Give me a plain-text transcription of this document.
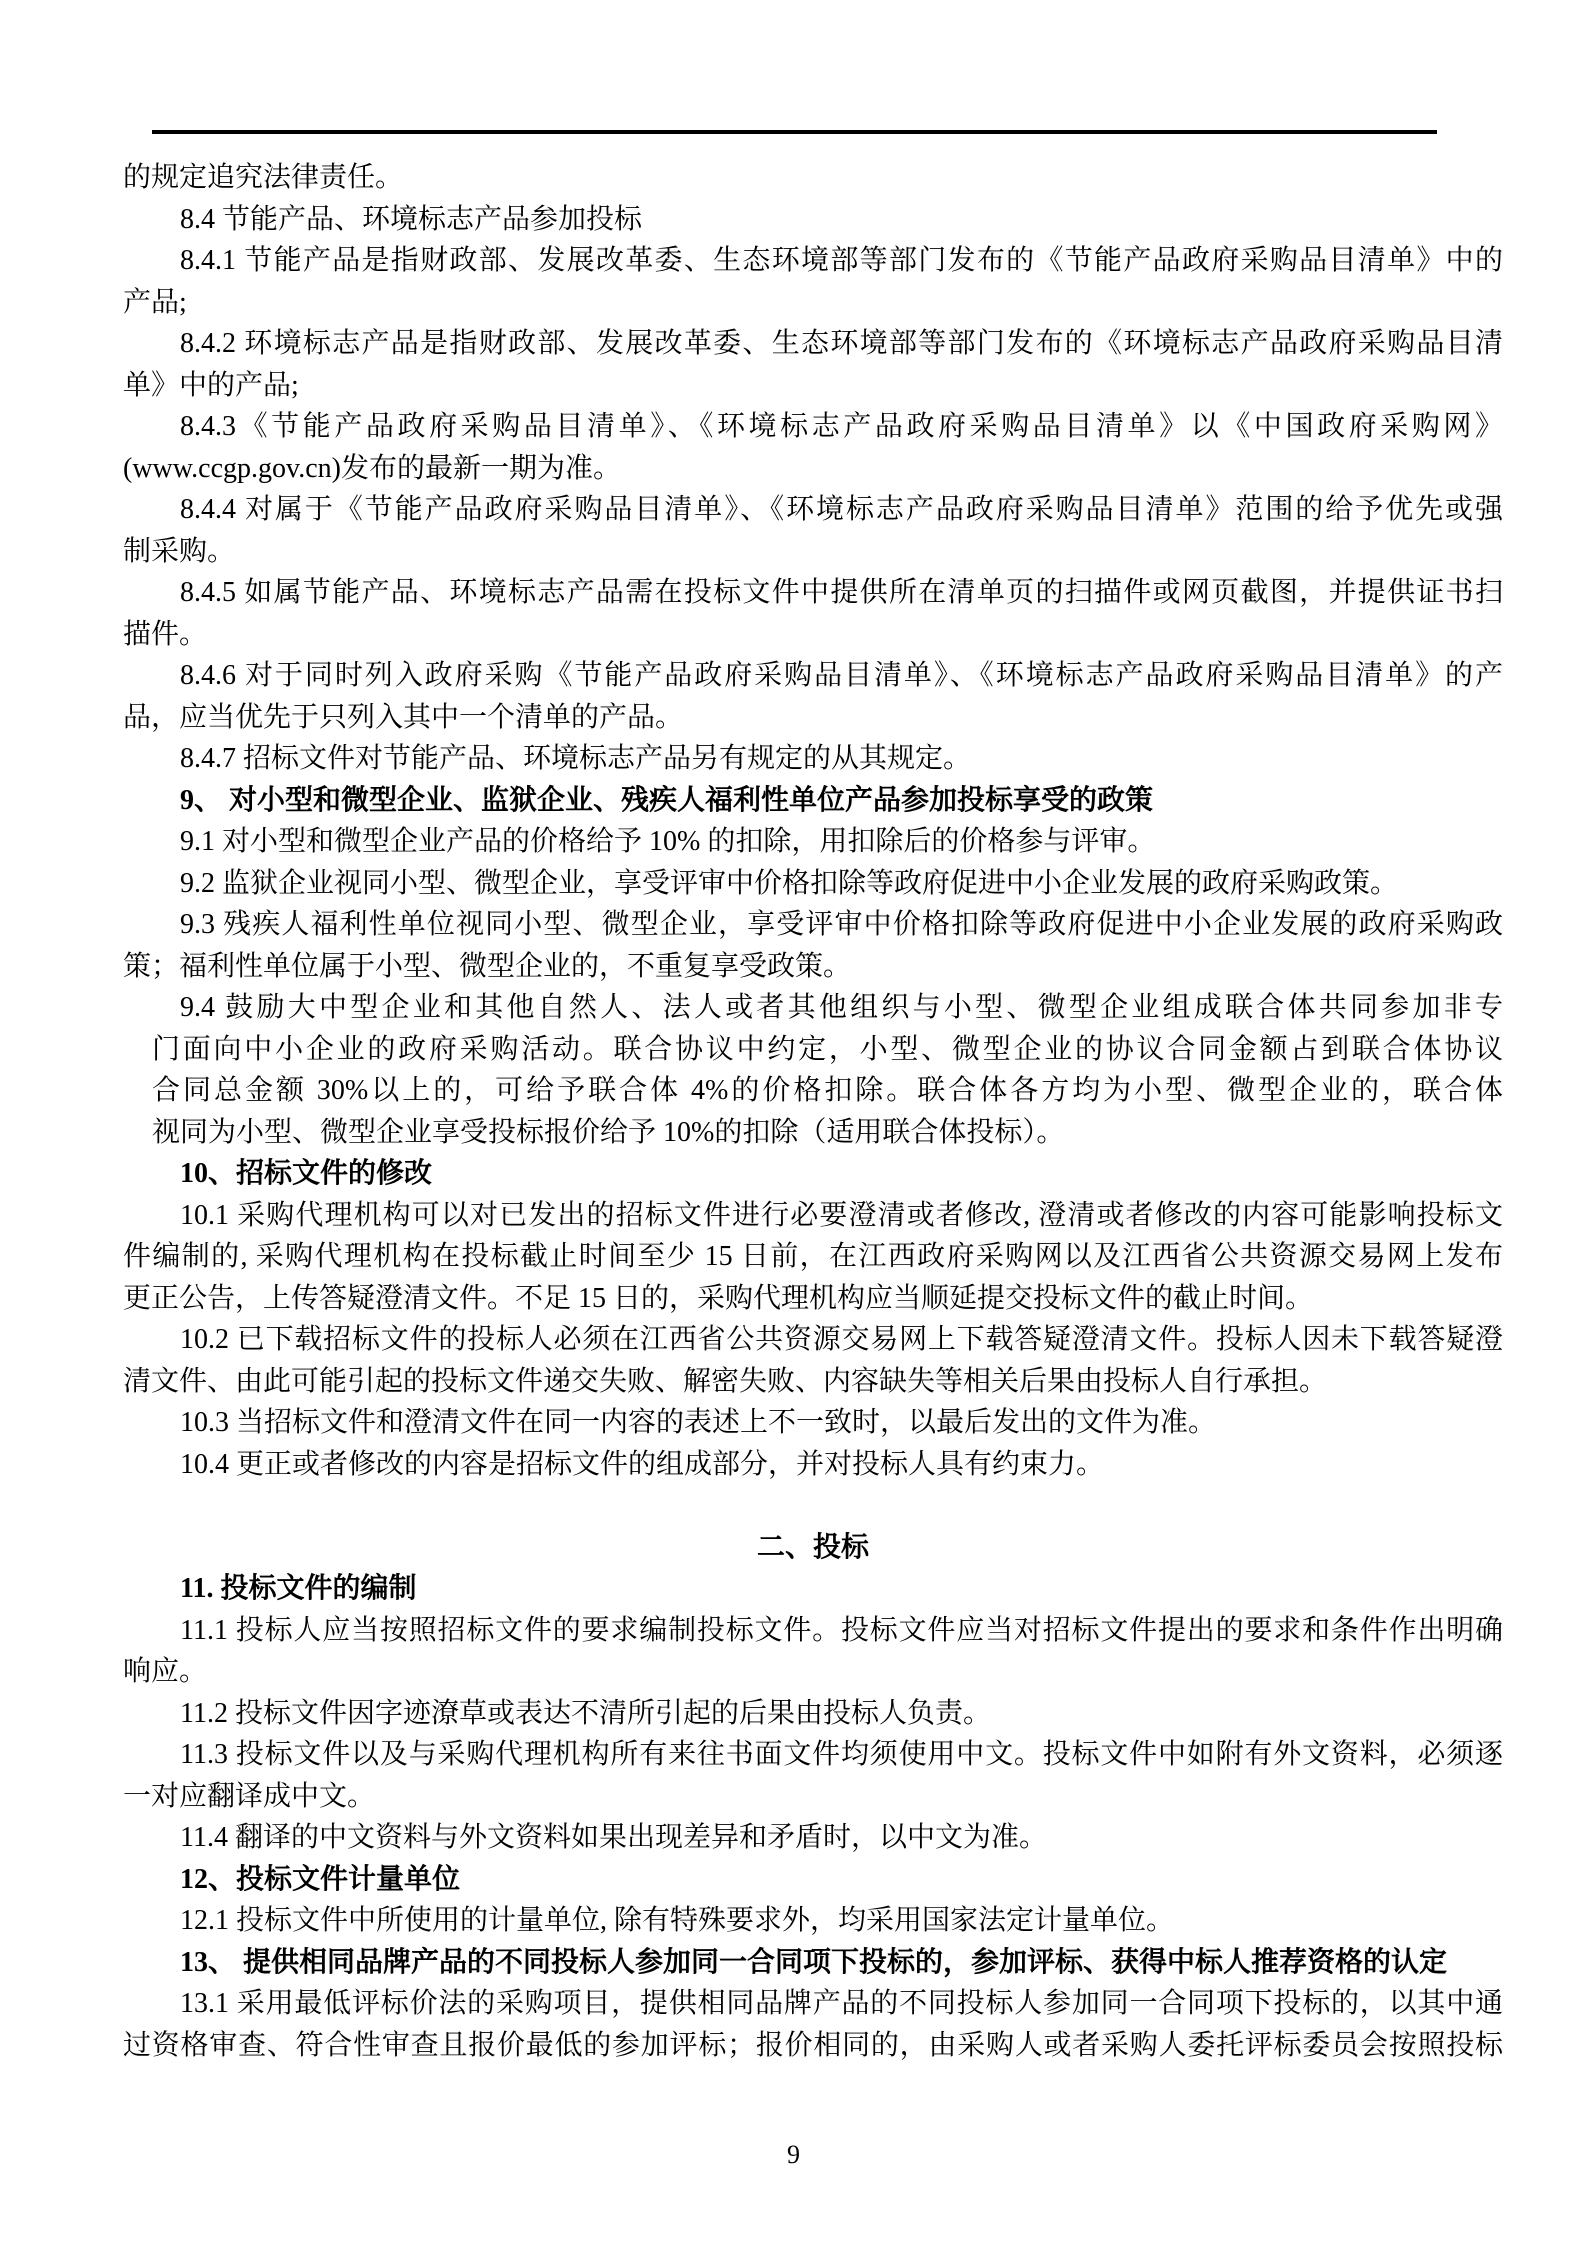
的规定追究法律责任。
8.4 节能产品、环境标志产品参加投标
8.4.1 节能产品是指财政部、发展改革委、生态环境部等部门发布的《节能产品政府采购品目清单》中的
产品;
8.4.2 环境标志产品是指财政部、发展改革委、生态环境部等部门发布的《环境标志产品政府采购品目清
单》中的产品;
8.4.3《节能产品政府采购品目清单》、《环境标志产品政府采购品目清单》以《中国政府采购网》
(www.ccgp.gov.cn)发布的最新一期为准。
8.4.4 对属于《节能产品政府采购品目清单》、《环境标志产品政府采购品目清单》范围的给予优先或强
制采购。
8.4.5 如属节能产品、环境标志产品需在投标文件中提供所在清单页的扫描件或网页截图，并提供证书扫
描件。
8.4.6 对于同时列入政府采购《节能产品政府采购品目清单》、《环境标志产品政府采购品目清单》的产
品，应当优先于只列入其中一个清单的产品。
8.4.7 招标文件对节能产品、环境标志产品另有规定的从其规定。
9、 对小型和微型企业、监狱企业、残疾人福利性单位产品参加投标享受的政策
9.1 对小型和微型企业产品的价格给予 10% 的扣除，用扣除后的价格参与评审。
9.2 监狱企业视同小型、微型企业，享受评审中价格扣除等政府促进中小企业发展的政府采购政策。
9.3 残疾人福利性单位视同小型、微型企业，享受评审中价格扣除等政府促进中小企业发展的政府采购政
策；福利性单位属于小型、微型企业的，不重复享受政策。
9.4 鼓励大中型企业和其他自然人、法人或者其他组织与小型、微型企业组成联合体共同参加非专
门面向中小企业的政府采购活动。联合协议中约定，小型、微型企业的协议合同金额占到联合体协议
合同总金额 30%以上的，可给予联合体 4%的价格扣除。联合体各方均为小型、微型企业的，联合体
视同为小型、微型企业享受投标报价给予 10%的扣除（适用联合体投标）。
10、招标文件的修改
10.1 采购代理机构可以对已发出的招标文件进行必要澄清或者修改, 澄清或者修改的内容可能影响投标文
件编制的, 采购代理机构在投标截止时间至少 15 日前，在江西政府采购网以及江西省公共资源交易网上发布
更正公告，上传答疑澄清文件。不足 15 日的，采购代理机构应当顺延提交投标文件的截止时间。
10.2 已下载招标文件的投标人必须在江西省公共资源交易网上下载答疑澄清文件。投标人因未下载答疑澄
清文件、由此可能引起的投标文件递交失败、解密失败、内容缺失等相关后果由投标人自行承担。
10.3 当招标文件和澄清文件在同一内容的表述上不一致时，以最后发出的文件为准。
10.4 更正或者修改的内容是招标文件的组成部分，并对投标人具有约束力。
二、投标
11. 投标文件的编制
11.1 投标人应当按照招标文件的要求编制投标文件。投标文件应当对招标文件提出的要求和条件作出明确
响应。
11.2 投标文件因字迹潦草或表达不清所引起的后果由投标人负责。
11.3 投标文件以及与采购代理机构所有来往书面文件均须使用中文。投标文件中如附有外文资料，必须逐
一对应翻译成中文。
11.4 翻译的中文资料与外文资料如果出现差异和矛盾时，以中文为准。
12、投标文件计量单位
12.1 投标文件中所使用的计量单位, 除有特殊要求外，均采用国家法定计量单位。
13、 提供相同品牌产品的不同投标人参加同一合同项下投标的，参加评标、获得中标人推荐资格的认定
13.1 采用最低评标价法的采购项目，提供相同品牌产品的不同投标人参加同一合同项下投标的，以其中通
过资格审查、符合性审查且报价最低的参加评标；报价相同的，由采购人或者采购人委托评标委员会按照投标
9
